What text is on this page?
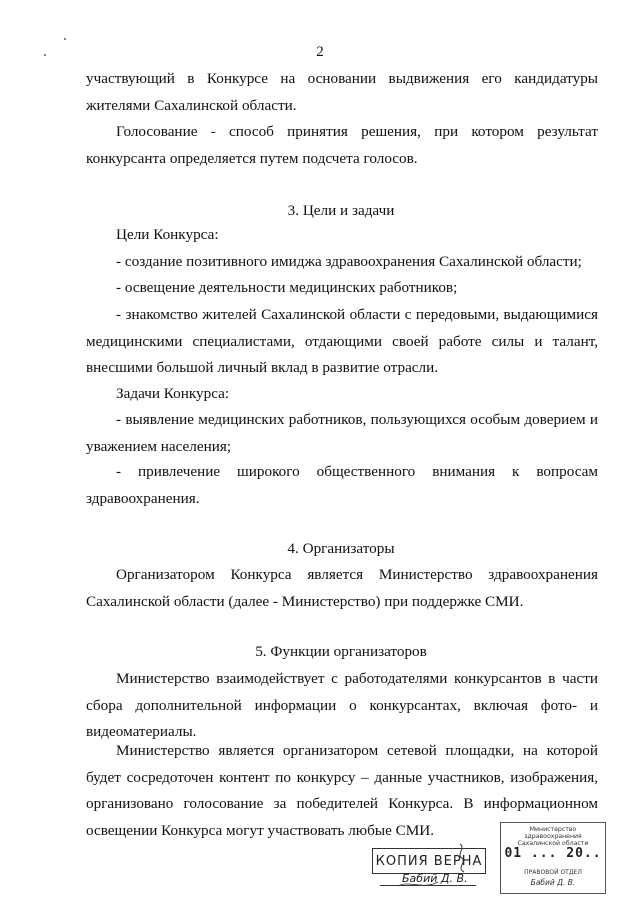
2
участвующий в Конкурсе на основании выдвижения его кандидатуры жителями Сахалинской области.
Голосование - способ принятия решения, при котором результат конкурсанта определяется путем подсчета голосов.
3. Цели и задачи
Цели Конкурса:
- создание позитивного имиджа здравоохранения Сахалинской области;
- освещение деятельности медицинских работников;
- знакомство жителей Сахалинской области с передовыми, выдающимися медицинскими специалистами, отдающими своей работе силы и талант, внесшими большой личный вклад в развитие отрасли.
Задачи Конкурса:
- выявление медицинских работников, пользующихся особым доверием и уважением населения;
- привлечение широкого общественного внимания к вопросам здравоохранения.
4. Организаторы
Организатором Конкурса является Министерство здравоохранения Сахалинской области (далее - Министерство) при поддержке СМИ.
5. Функции организаторов
Министерство взаимодействует с работодателями конкурсантов в части сбора дополнительной информации о конкурсантах, включая фото- и видеоматериалы.
Министерство является организатором сетевой площадки, на которой будет сосредоточен контент по конкурсу – данные участников, изображения, организовано голосование за победителей Конкурса. В информационном освещении Конкурса могут участвовать любые СМИ.
КОПИЯ ВЕРНА
Бабий Д. В.
Министерство здравоохранения Сахалинской области
01 ... 20..
ПРАВОВОЙ ОТДЕЛ
Бабий Д. В.
